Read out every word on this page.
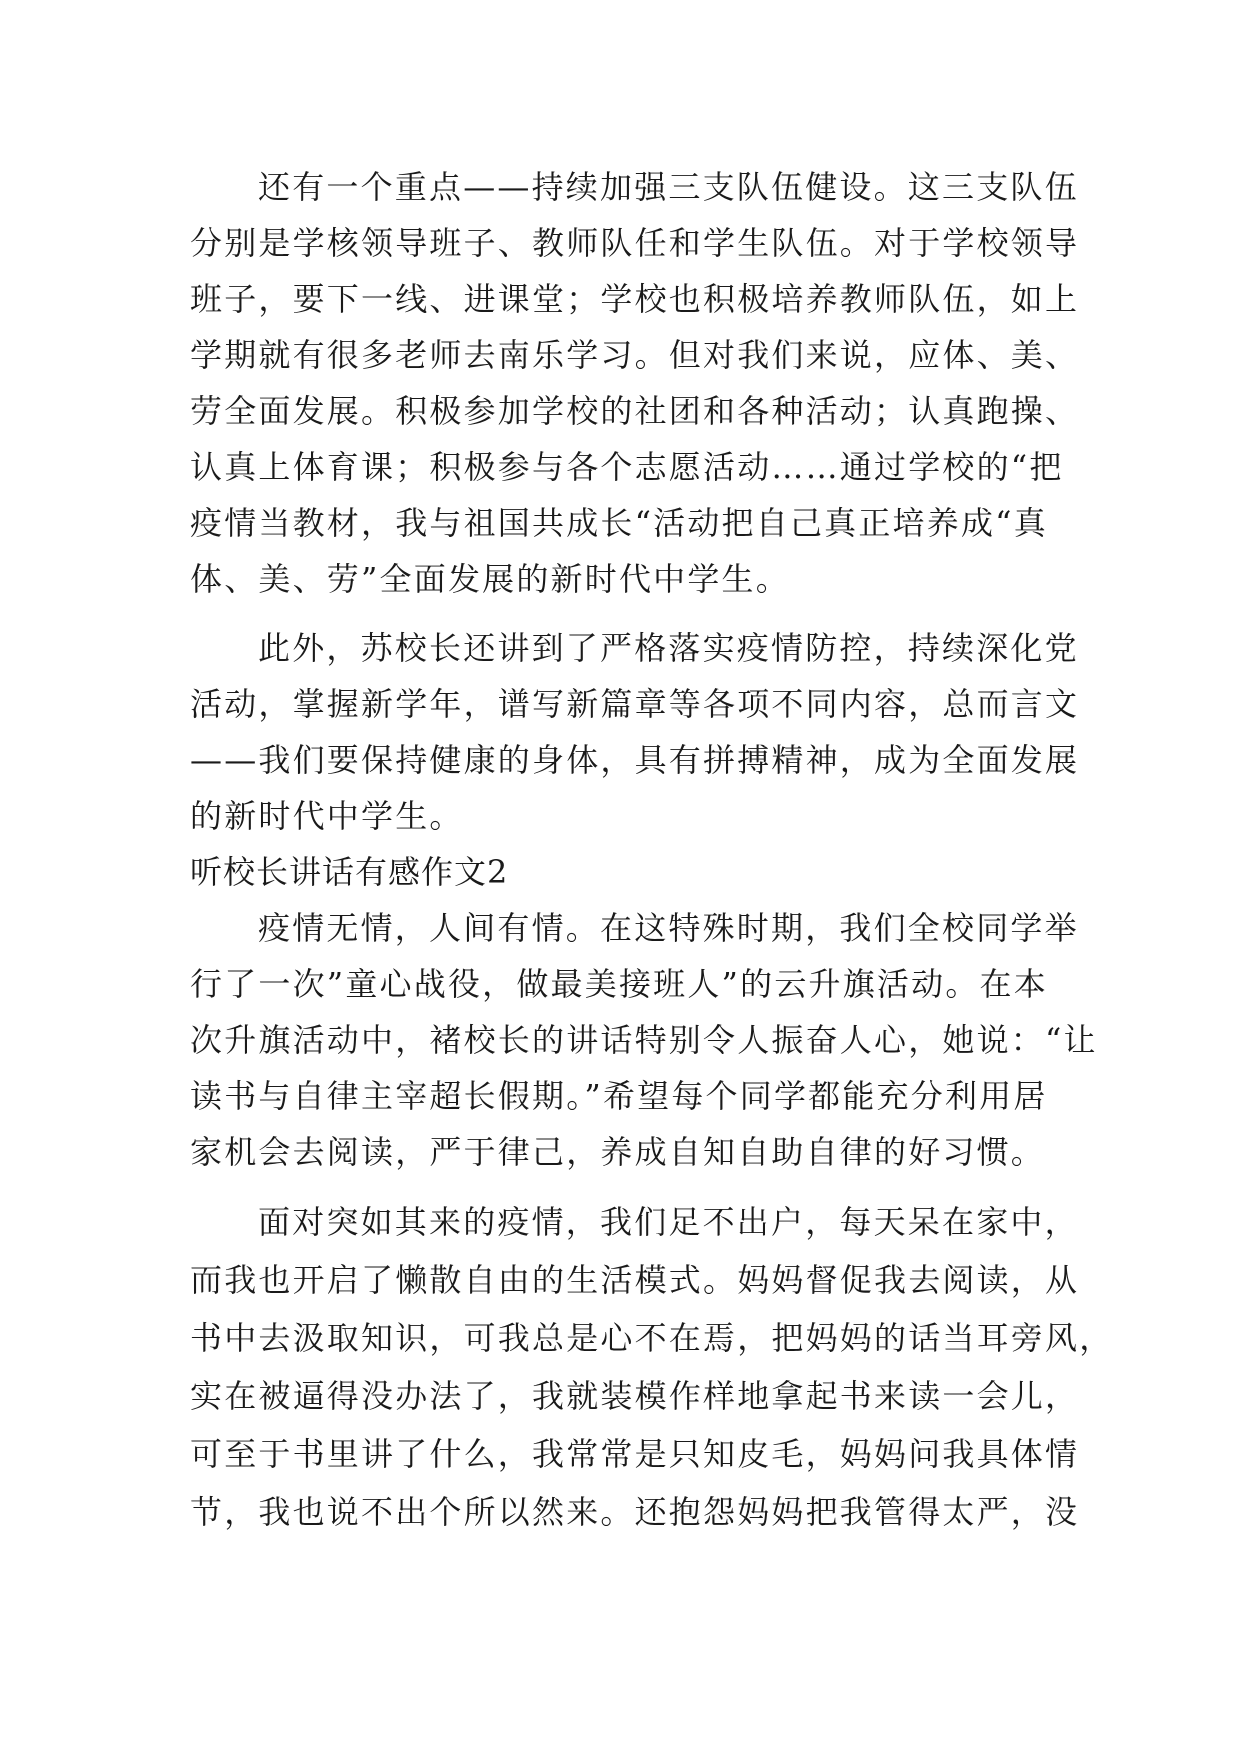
还有一个重点——持续加强三支队伍健设。这三支队伍
分别是学核领导班子、教师队任和学生队伍。对于学校领导
班子，要下一线、进课堂；学校也积极培养教师队伍，如上
学期就有很多老师去南乐学习。但对我们来说，应体、美、
劳全面发展。积极参加学校的社团和各种活动；认真跑操、
认真上体育课；积极参与各个志愿活动……通过学校的“把
疫情当教材，我与祖国共成长“活动把自己真正培养成“真
体、美、劳”全面发展的新时代中学生。
此外，苏校长还讲到了严格落实疫情防控，持续深化党
活动，掌握新学年，谱写新篇章等各项不同内容，总而言文
——我们要保持健康的身体，具有拼搏精神，成为全面发展
的新时代中学生。
听校长讲话有感作文2
疫情无情，人间有情。在这特殊时期，我们全校同学举
行了一次”童心战役，做最美接班人”的云升旗活动。在本
次升旗活动中，褚校长的讲话特别令人振奋人心，她说：“让
读书与自律主宰超长假期。”希望每个同学都能充分利用居
家机会去阅读，严于律己，养成自知自助自律的好习惯。
面对突如其来的疫情，我们足不出户，每天呆在家中，
而我也开启了懒散自由的生活模式。妈妈督促我去阅读，从
书中去汲取知识，可我总是心不在焉，把妈妈的话当耳旁风，
实在被逼得没办法了，我就装模作样地拿起书来读一会儿，
可至于书里讲了什么，我常常是只知皮毛，妈妈问我具体情
节，我也说不出个所以然来。还抱怨妈妈把我管得太严，没
